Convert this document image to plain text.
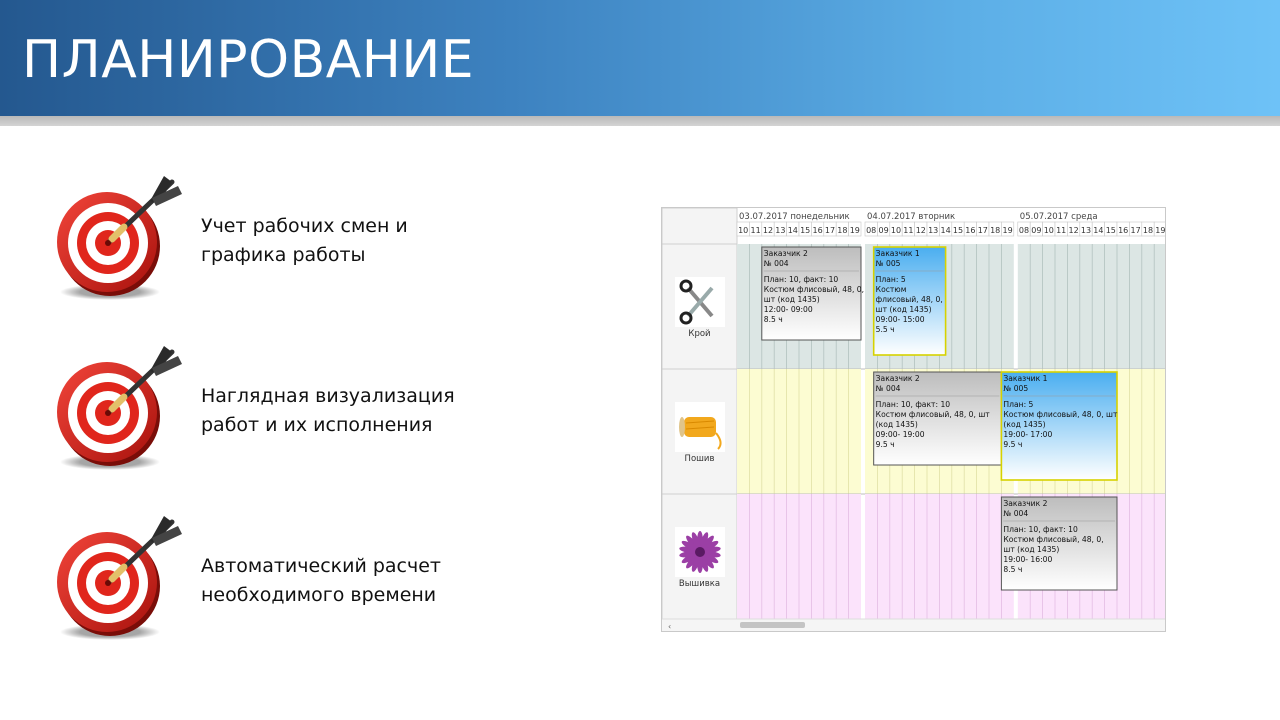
ПЛАНИРОВАНИЕ
Учет рабочих смен и
графика работы
Наглядная визуализация
работ и их исполнения
Автоматический расчет
необходимого времени
03.07.2017 понедельник
10 11 12 13 14 15 16 17 18 19
04.07.2017 вторник
08 09 10 11 12 13 14 15 16 17 18 19
05.07.2017 среда
08 09 10 11 12 13 14 15 16 17 18 19
Крой
Пошив
Вышивка
Заказчик 2
№ 004
План: 10, факт: 10
Костюм флисовый, 48, 0,
шт (код 1435)
12:00- 09:00
8.5 ч
Заказчик 1
№ 005
План: 5
Костюм
флисовый, 48, 0,
шт (код 1435)
09:00- 15:00
5.5 ч
Заказчик 2
№ 004
План: 10, факт: 10
Костюм флисовый, 48, 0, шт
(код 1435)
09:00- 19:00
9.5 ч
Заказчик 1
№ 005
План: 5
Костюм флисовый, 48, 0, шт
(код 1435)
19:00- 17:00
9.5 ч
Заказчик 2
№ 004
План: 10, факт: 10
Костюм флисовый, 48, 0,
шт (код 1435)
19:00- 16:00
8.5 ч
‹
